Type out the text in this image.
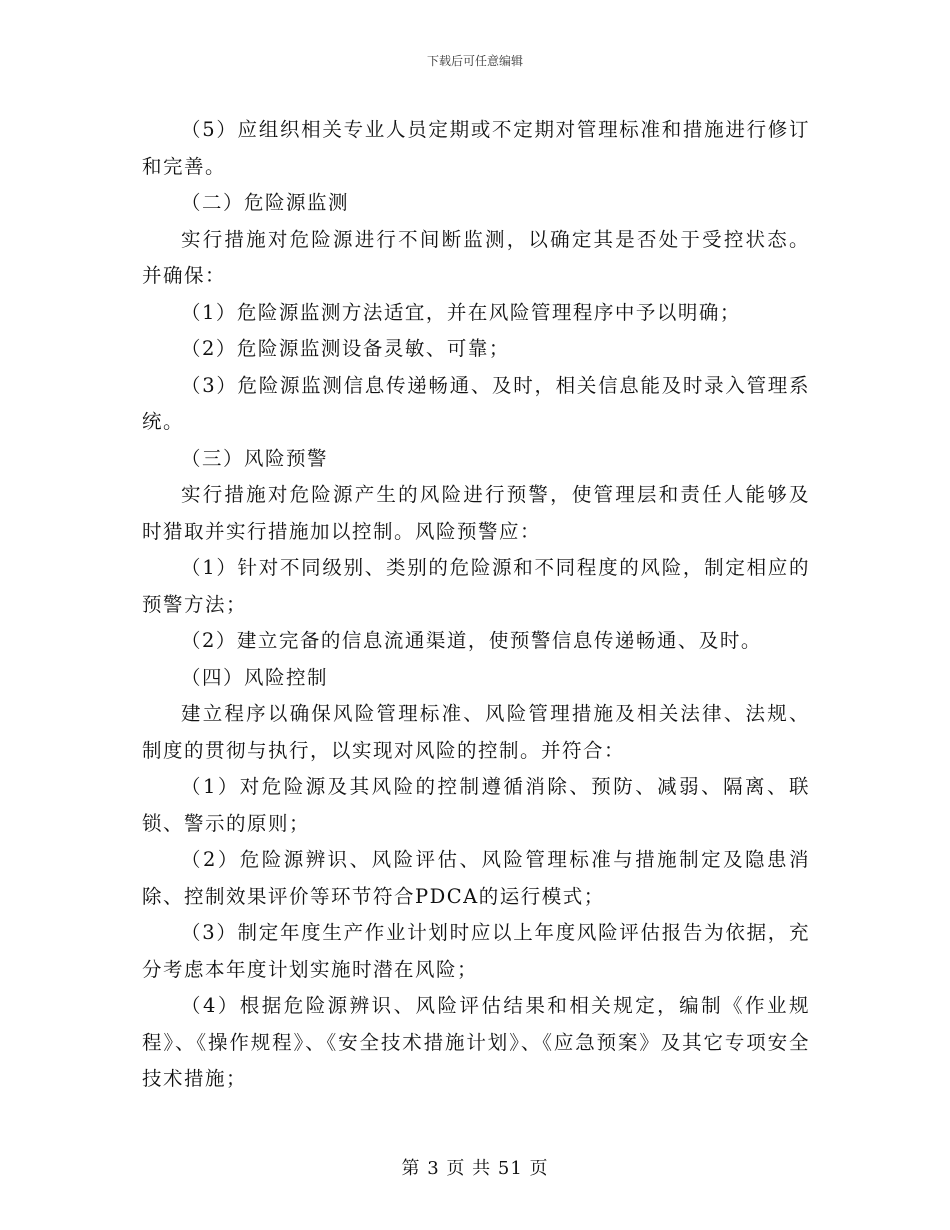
下载后可任意编辑

（5）应组织相关专业人员定期或不定期对管理标准和措施进行修订和完善。

（二）危险源监测

实行措施对危险源进行不间断监测，以确定其是否处于受控状态。并确保：

（1）危险源监测方法适宜，并在风险管理程序中予以明确；

（2）危险源监测设备灵敏、可靠；

（3）危险源监测信息传递畅通、及时，相关信息能及时录入管理系统。

（三）风险预警

实行措施对危险源产生的风险进行预警，使管理层和责任人能够及时猎取并实行措施加以控制。风险预警应：

（1）针对不同级别、类别的危险源和不同程度的风险，制定相应的预警方法；

（2）建立完备的信息流通渠道，使预警信息传递畅通、及时。

（四）风险控制

建立程序以确保风险管理标准、风险管理措施及相关法律、法规、制度的贯彻与执行，以实现对风险的控制。并符合：

（1）对危险源及其风险的控制遵循消除、预防、减弱、隔离、联锁、警示的原则；

（2）危险源辨识、风险评估、风险管理标准与措施制定及隐患消除、控制效果评价等环节符合PDCA的运行模式；

（3）制定年度生产作业计划时应以上年度风险评估报告为依据，充分考虑本年度计划实施时潜在风险；

（4）根据危险源辨识、风险评估结果和相关规定，编制《作业规程》、《操作规程》、《安全技术措施计划》、《应急预案》及其它专项安全技术措施；

第 3 页 共 51 页
